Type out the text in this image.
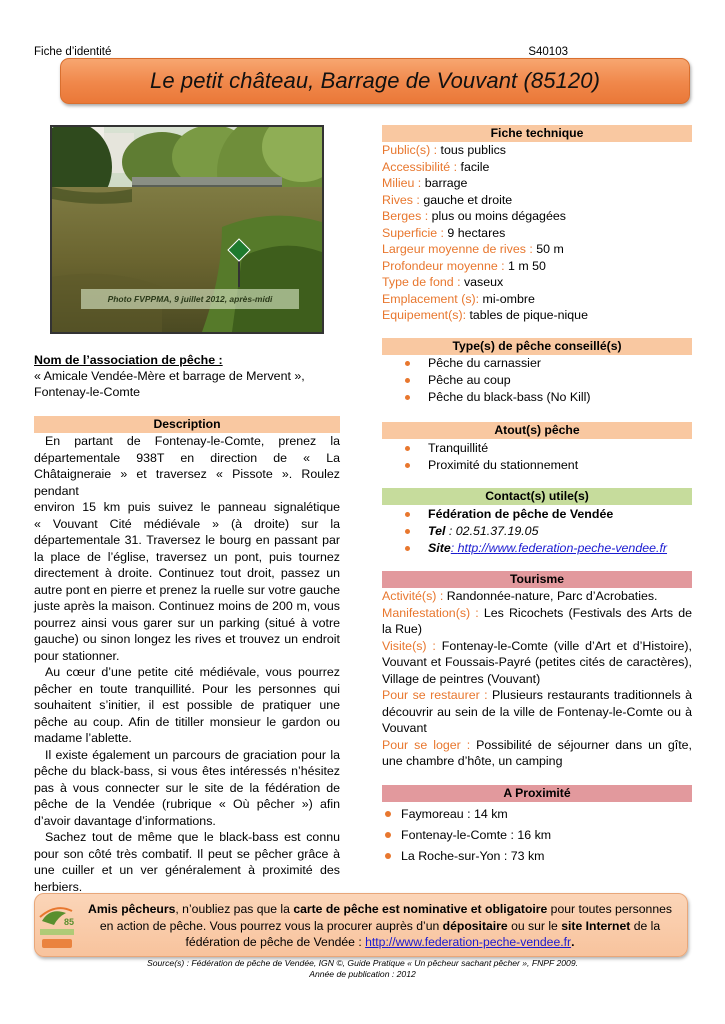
Fiche d’identité	S40103
Le petit château, Barrage de Vouvant (85120)
Photo FVPPMA, 9 juillet 2012, après-midi
Nom de l’association de pêche :
« Amicale Vendée-Mère et barrage de Mervent »,
Fontenay-le-Comte
Description

En partant de Fontenay-le-Comte, prenez la
départementale 938T en direction de « La
Châtaigneraie » et traversez « Pissote ». Roulez pendant
environ 15 km puis suivez le panneau signalétique
« Vouvant Cité médiévale » (à droite) sur la
départementale 31. Traversez le bourg en passant par
la place de l’église, traversez un pont, puis tournez
directement à droite. Continuez tout droit, passez un
autre pont en pierre et prenez la ruelle sur votre gauche
juste après la maison. Continuez moins de 200 m, vous
pourrez ainsi vous garer sur un parking (situé à votre
gauche) ou sinon longez les rives et trouvez un endroit
pour stationner.

Au cœur d’une petite cité médiévale, vous pourrez
pêcher en toute tranquillité. Pour les personnes qui
souhaitent s’initier, il est possible de pratiquer une
pêche au coup. Afin de titiller monsieur le gardon ou
madame l’ablette.

Il existe également un parcours de graciation pour la
pêche du black-bass, si vous êtes intéressés n’hésitez
pas à vous connecter sur le site de la fédération de
pêche de la Vendée (rubrique « Où pêcher ») afin
d’avoir davantage d’informations.

Sachez tout de même que le black-bass est connu
pour son côté très combatif. Il peut se pêcher grâce à
une cuiller et un ver généralement à proximité des
herbiers.

Fiche technique
Public(s) : tous publics
Accessibilité : facile
Milieu : barrage
Rives : gauche et droite
Berges : plus ou moins dégagées
Superficie : 9 hectares
Largeur moyenne de rives : 50 m
Profondeur moyenne : 1 m 50
Type de fond : vaseux
Emplacement (s): mi-ombre
Equipement(s): tables de pique-nique
Type(s) de pêche conseillé(s)
Pêche du carnassier
Pêche au coup
Pêche du black-bass (No Kill)
Atout(s) pêche
Tranquillité
Proximité du stationnement
Contact(s) utile(s)
Fédération de pêche de Vendée
Tel : 02.51.37.19.05
Site: http://www.federation-peche-vendee.fr
Tourisme

Activité(s) : Randonnée-nature, Parc d’Acrobaties.

Manifestation(s) : Les Ricochets (Festivals des Arts de la Rue)

Visite(s) : Fontenay-le-Comte (ville d’Art et d’Histoire), Vouvant et Foussais-Payré (petites cités de caractères), Village de peintres (Vouvant)

Pour se restaurer : Plusieurs restaurants traditionnels à découvrir au sein de la ville de Fontenay-le-Comte ou à Vouvant

Pour se loger : Possibilité de séjourner dans un gîte, une chambre d’hôte, un camping

A Proximité
Faymoreau : 14 km
Fontenay-le-Comte : 16 km
La Roche-sur-Yon : 73 km
85
Amis pêcheurs, n’oubliez pas que la carte de pêche est nominative et obligatoire pour toutes personnes en action de pêche. Vous pourrez vous la procurer auprès d’un dépositaire ou sur le site Internet de la fédération de pêche de Vendée : http://www.federation-peche-vendee.fr.
Source(s) : Fédération de pêche de Vendée, IGN ©, Guide Pratique « Un pêcheur sachant pêcher », FNPF 2009.
Année de publication : 2012
